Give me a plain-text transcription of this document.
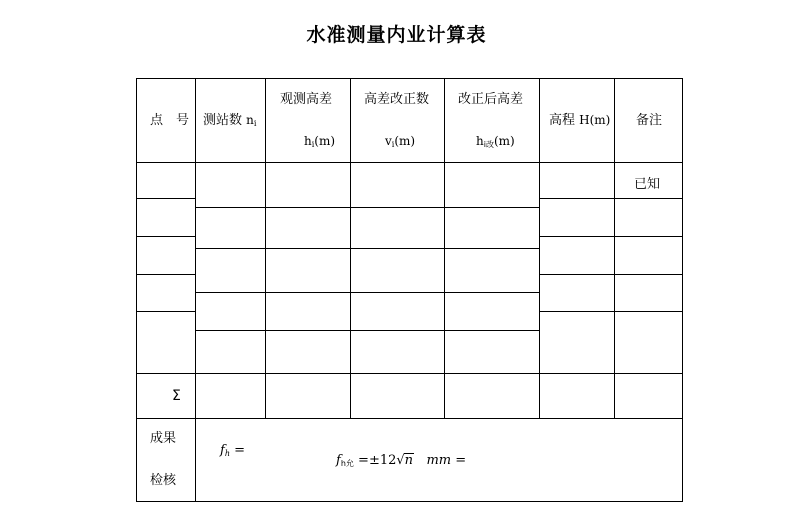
水准测量内业计算表
点　号 测站数 $n_i$
观测高差
$h_i(m)$
高差改正数
$v_i(m)$
改正后高差
$h_{i改}(m)$
高程 H(m) 备注
已知
Σ
成果
检核
$f_h$ =
$f_{h允} =\pm 12√n$ mm =
